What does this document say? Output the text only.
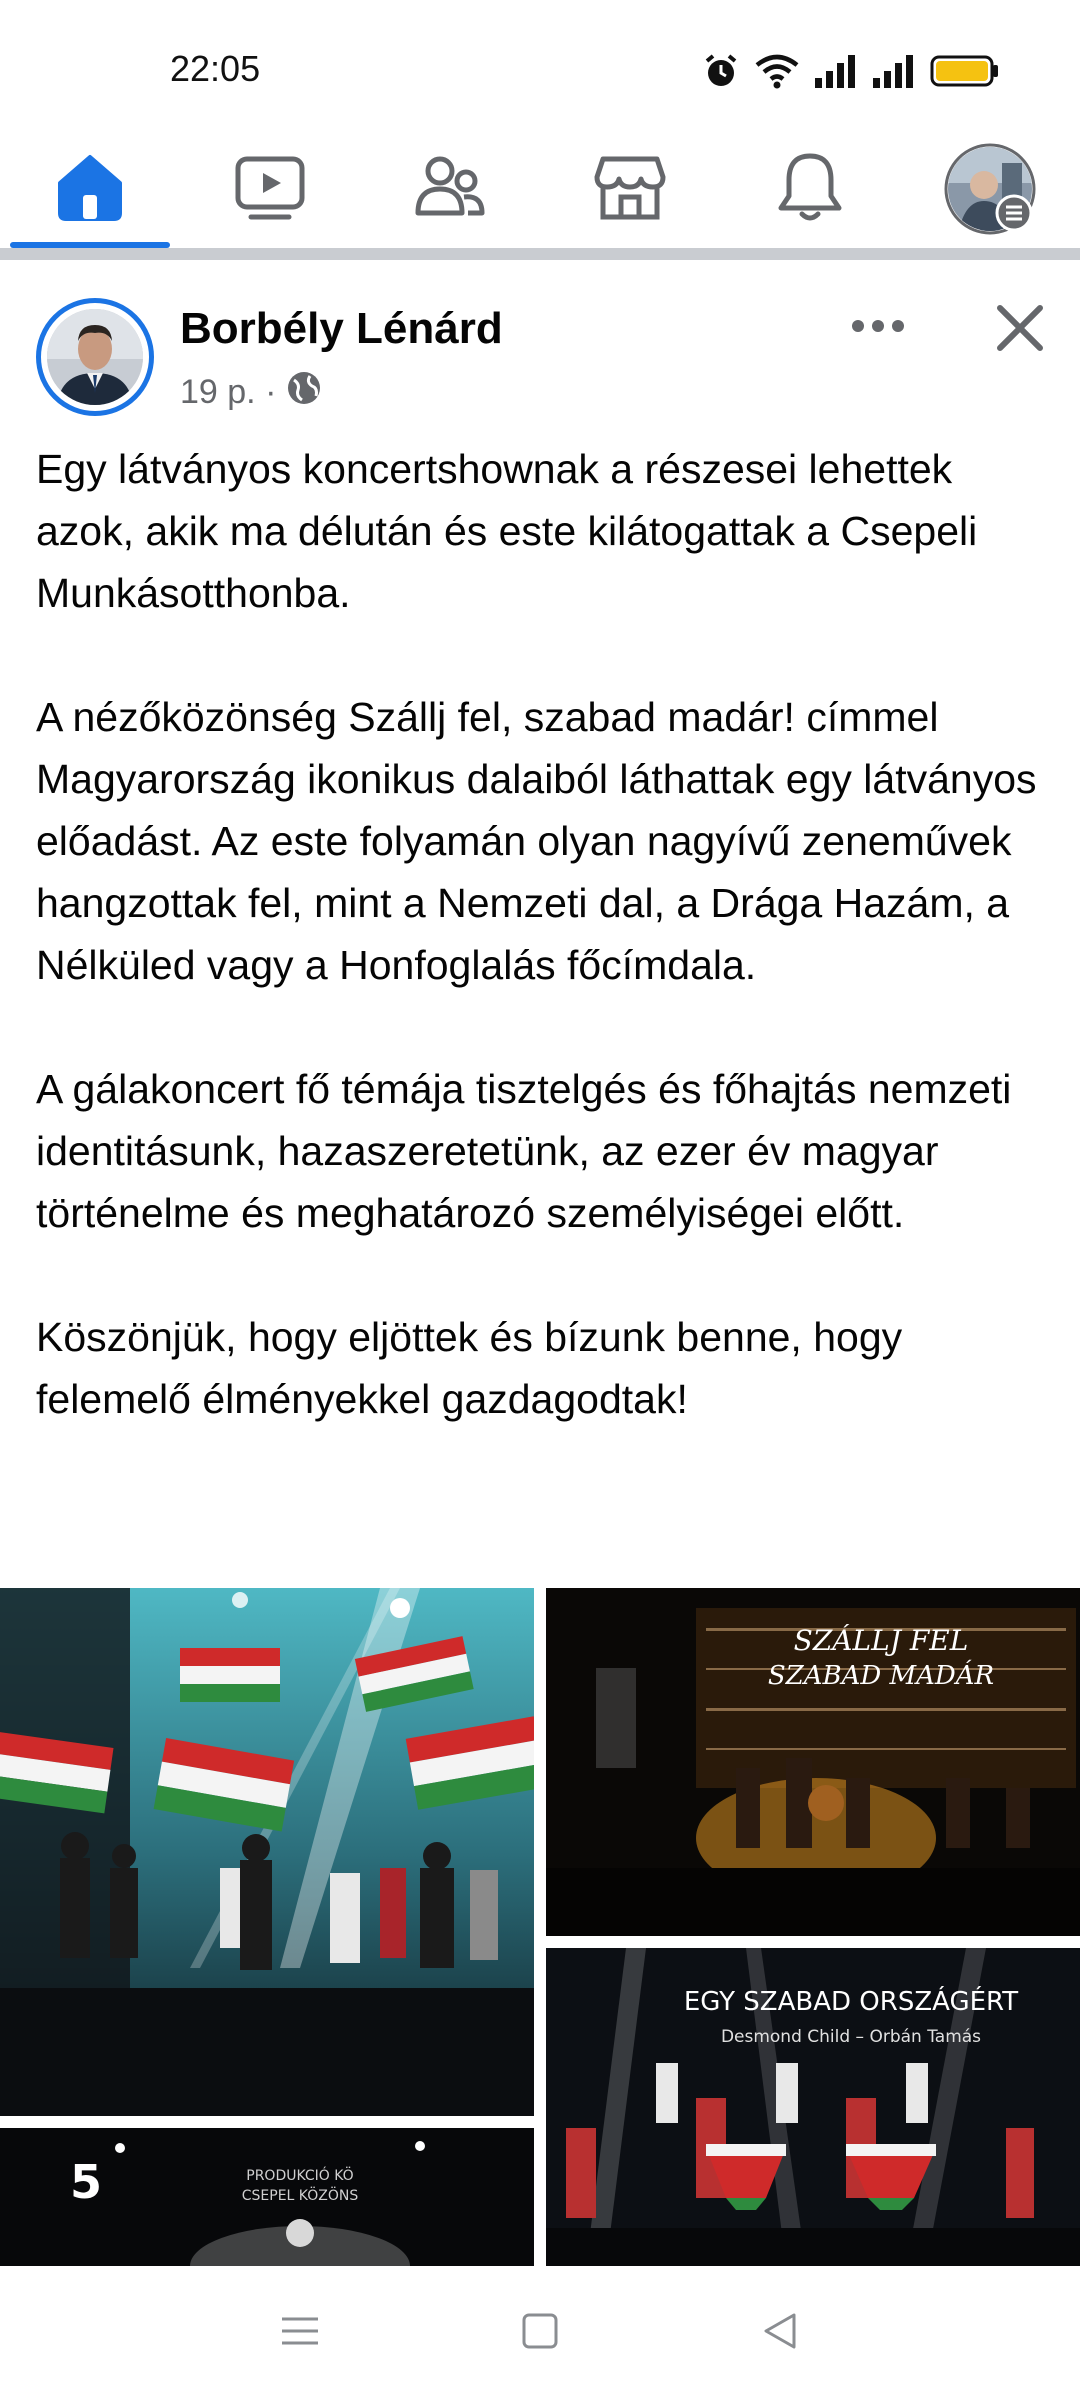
22:05
Borbély Lénárd
19 p. ·

Egy látványos koncertshownak a részesei lehettek azok, akik ma délután és este kilátogattak a Csepeli Munkásotthonba.

A nézőközönség Szállj fel, szabad madár! címmel Magyarország ikonikus dalaiból láthattak egy látványos előadást. Az este folyamán olyan nagyívű zeneművek hangzottak fel, mint a Nemzeti dal, a Drága Hazám, a Nélküled vagy a Honfoglalás főcímdala.

A gálakoncert fő témája tisztelgés és főhajtás nemzeti identitásunk, hazaszeretetünk, az ezer év magyar történelme és meghatározó személyiségei előtt.

Köszönjük, hogy eljöttek és bízunk benne, hogy felemelő élményekkel gazdagodtak!

SZÁLLJ FEL
SZABAD MADÁR
EGY SZABAD ORSZÁGÉRT
Desmond Child – Orbán Tamás
5	PRODUKCIÓ KÖ
CSEPEL KÖZÖNS
